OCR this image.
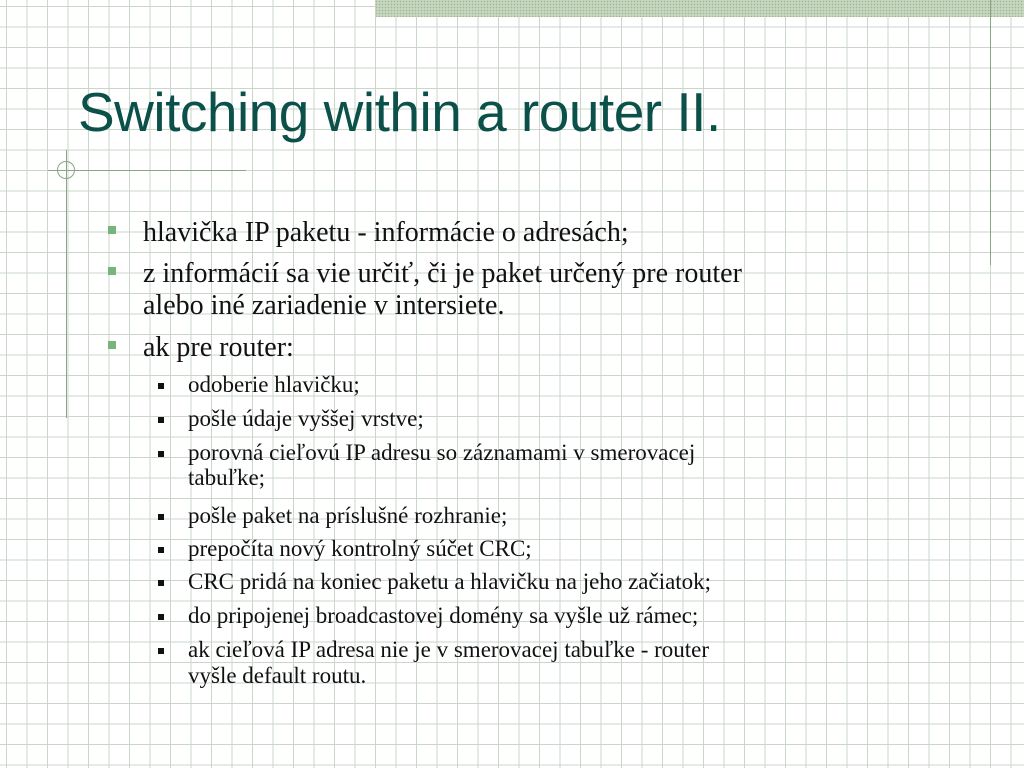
Switching within a router II.
hlavička IP paketu - informácie o adresách;
z informácií sa vie určiť, či je paket určený pre router
alebo iné zariadenie v intersiete.
ak pre router:
odoberie hlavičku;
pošle údaje vyššej vrstve;
porovná cieľovú IP adresu so záznamami v smerovacej
tabuľke;
pošle paket na príslušné rozhranie;
prepočíta nový kontrolný súčet CRC;
CRC pridá na koniec paketu a hlavičku na jeho začiatok;
do pripojenej broadcastovej domény sa vyšle už rámec;
ak cieľová IP adresa nie je v smerovacej tabuľke - router
vyšle default routu.
